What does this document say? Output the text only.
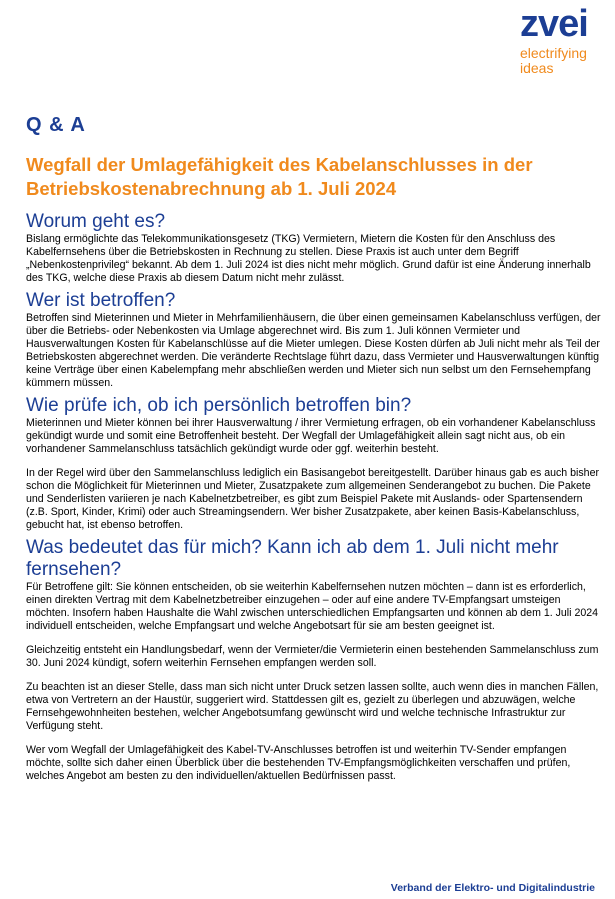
zvei
electrifying
ideas
Q & A
Wegfall der Umlagefähigkeit des Kabelanschlusses in der Betriebskostenabrechnung ab 1. Juli 2024
Worum geht es?

Bislang ermöglichte das Telekommunikationsgesetz (TKG) Vermietern, Mietern die Kosten für den Anschluss des Kabelfernsehens über die Betriebskosten in Rechnung zu stellen. Diese Praxis ist auch unter dem Begriff „Nebenkostenprivileg“ bekannt. Ab dem 1. Juli 2024 ist dies nicht mehr möglich. Grund dafür ist eine Änderung innerhalb des TKG, welche diese Praxis ab diesem Datum nicht mehr zulässt.

Wer ist betroffen?

Betroffen sind Mieterinnen und Mieter in Mehrfamilienhäusern, die über einen gemeinsamen Kabelanschluss verfügen, der über die Betriebs- oder Nebenkosten via Umlage abgerechnet wird. Bis zum 1. Juli können Vermieter und Hausverwaltungen Kosten für Kabelanschlüsse auf die Mieter umlegen. Diese Kosten dürfen ab Juli nicht mehr als Teil der Betriebskosten abgerechnet werden. Die veränderte Rechtslage führt dazu, dass Vermieter und Hausverwaltungen künftig keine Verträge über einen Kabelempfang mehr abschließen werden und Mieter sich nun selbst um den Fernsehempfang kümmern müssen.

Wie prüfe ich, ob ich persönlich betroffen bin?

Mieterinnen und Mieter können bei ihrer Hausverwaltung / ihrer Vermietung erfragen, ob ein vorhandener Kabelanschluss gekündigt wurde und somit eine Betroffenheit besteht. Der Wegfall der Umlagefähigkeit allein sagt nicht aus, ob ein vorhandener Sammelanschluss tatsächlich gekündigt wurde oder ggf. weiterhin besteht.

In der Regel wird über den Sammelanschluss lediglich ein Basisangebot bereitgestellt. Darüber hinaus gab es auch bisher schon die Möglichkeit für Mieterinnen und Mieter, Zusatzpakete zum allgemeinen Senderangebot zu buchen. Die Pakete und Senderlisten variieren je nach Kabelnetzbetreiber, es gibt zum Beispiel Pakete mit Auslands- oder Spartensendern (z.B. Sport, Kinder, Krimi) oder auch Streamingsendern. Wer bisher Zusatzpakete, aber keinen Basis-Kabelanschluss, gebucht hat, ist ebenso betroffen.

Was bedeutet das für mich? Kann ich ab dem 1. Juli nicht mehr fernsehen?

Für Betroffene gilt: Sie können entscheiden, ob sie weiterhin Kabelfernsehen nutzen möchten – dann ist es erforderlich, einen direkten Vertrag mit dem Kabelnetzbetreiber einzugehen – oder auf eine andere TV-Empfangsart umsteigen möchten. Insofern haben Haushalte die Wahl zwischen unterschiedlichen Empfangsarten und können ab dem 1. Juli 2024 individuell entscheiden, welche Empfangsart und welche Angebotsart für sie am besten geeignet ist.

Gleichzeitig entsteht ein Handlungsbedarf, wenn der Vermieter/die Vermieterin einen bestehenden Sammelanschluss zum 30. Juni 2024 kündigt, sofern weiterhin Fernsehen empfangen werden soll.

Zu beachten ist an dieser Stelle, dass man sich nicht unter Druck setzen lassen sollte, auch wenn dies in manchen Fällen, etwa von Vertretern an der Haustür, suggeriert wird. Stattdessen gilt es, gezielt zu überlegen und abzuwägen, welche Fernsehgewohnheiten bestehen, welcher Angebotsumfang gewünscht wird und welche technische Infrastruktur zur Verfügung steht.

Wer vom Wegfall der Umlagefähigkeit des Kabel-TV-Anschlusses betroffen ist und weiterhin TV-Sender empfangen möchte, sollte sich daher einen Überblick über die bestehenden TV-Empfangsmöglichkeiten verschaffen und prüfen, welches Angebot am besten zu den individuellen/aktuellen Bedürfnissen passt.

Verband der Elektro- und Digitalindustrie
